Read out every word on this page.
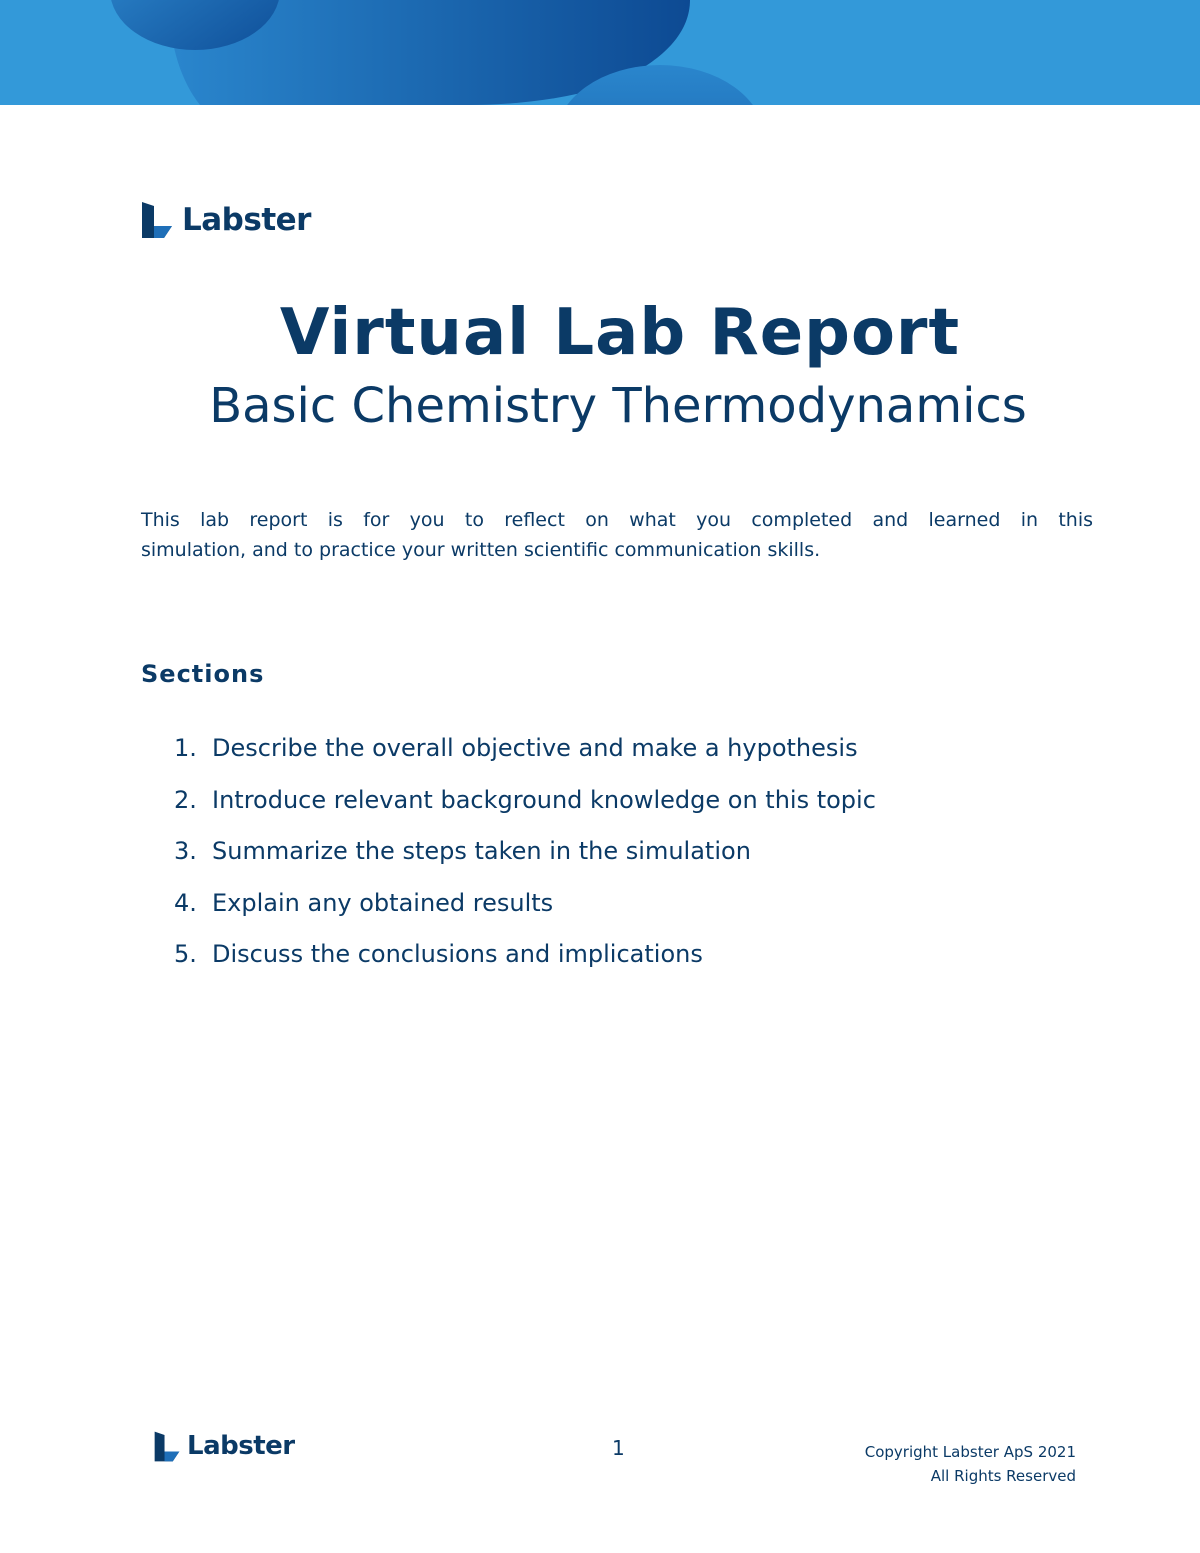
Labster
Virtual Lab Report
Basic Chemistry Thermodynamics
This lab report is for you to reflect on what you completed and learned in this
simulation, and to practice your written scientific communication skills.
Sections
1. Describe the overall objective and make a hypothesis
2. Introduce relevant background knowledge on this topic
3. Summarize the steps taken in the simulation
4. Explain any obtained results
5. Discuss the conclusions and implications
Labster	1	Copyright Labster ApS 2021
All Rights Reserved
